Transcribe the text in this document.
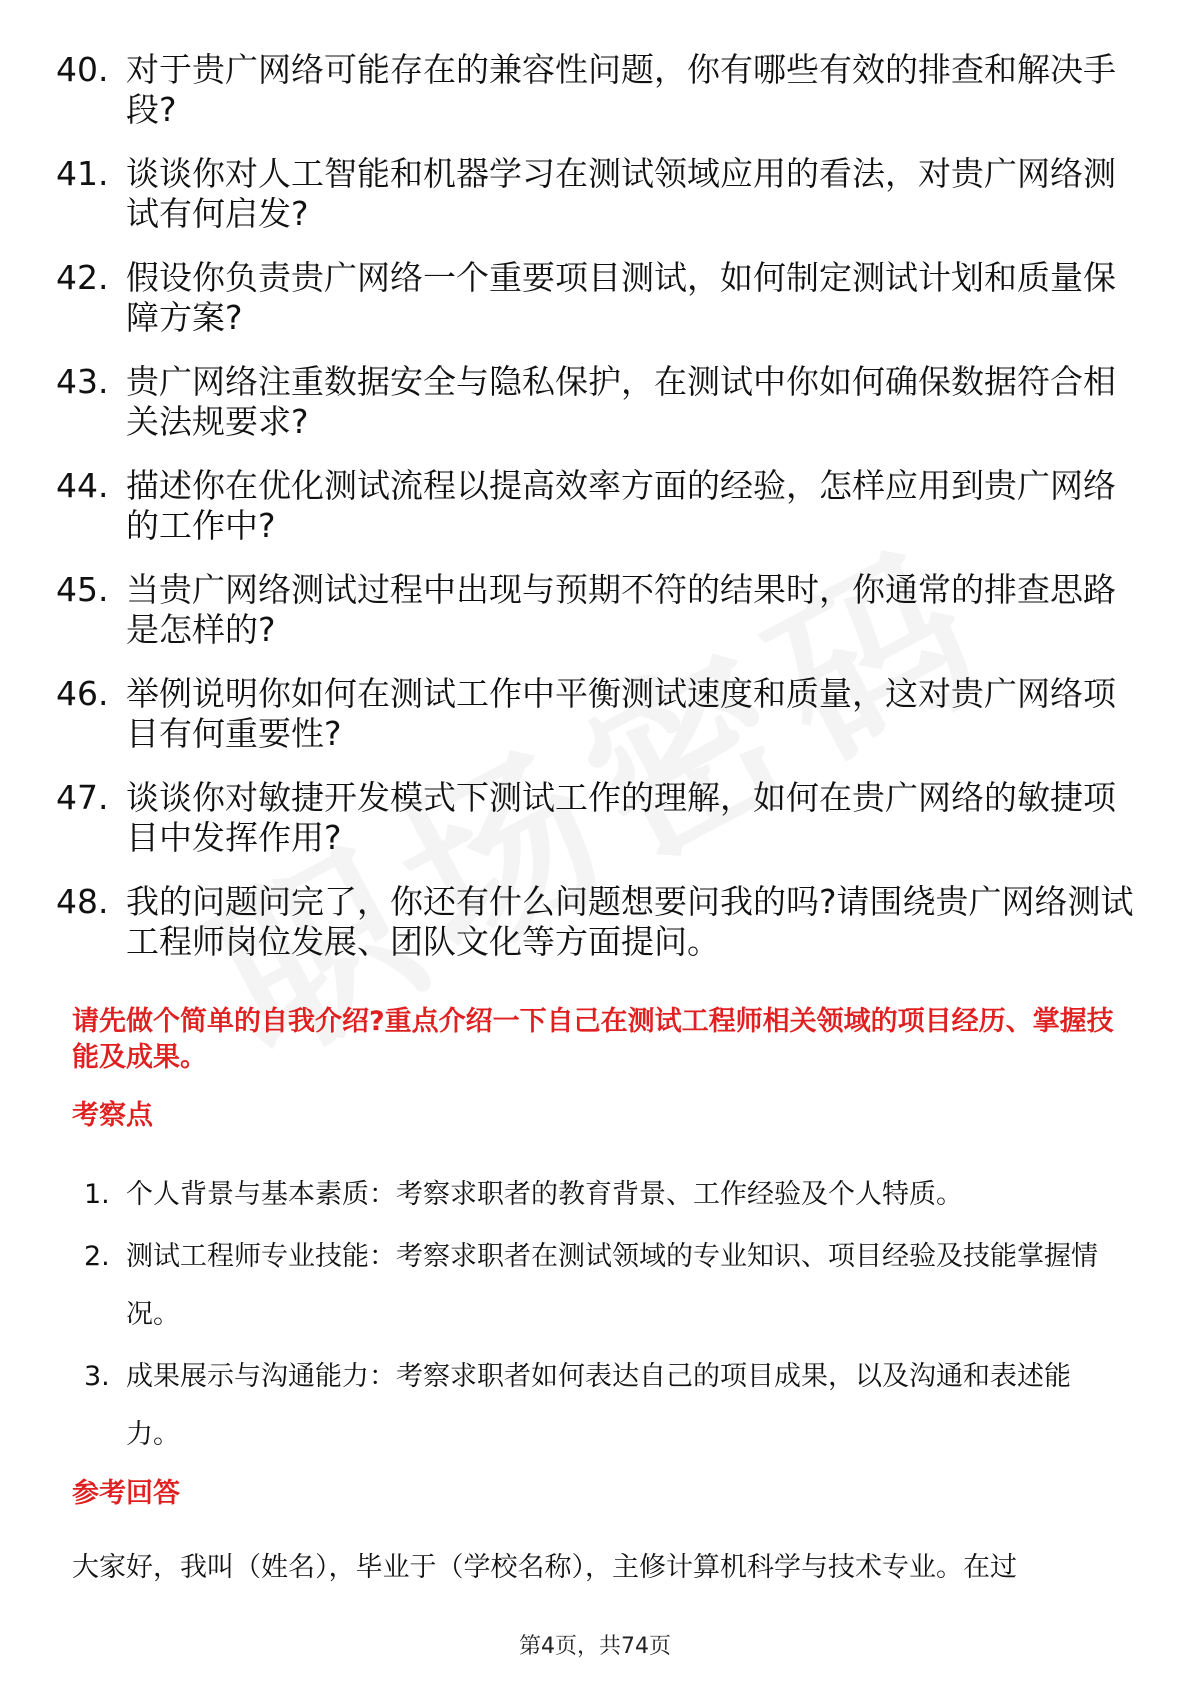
40. 对于贵广网络可能存在的兼容性问题，你有哪些有效的排查和解决手段?
41. 谈谈你对人工智能和机器学习在测试领域应用的看法，对贵广网络测试有何启发?
42. 假设你负责贵广网络一个重要项目测试，如何制定测试计划和质量保障方案?
43. 贵广网络注重数据安全与隐私保护，在测试中你如何确保数据符合相关法规要求?
44. 描述你在优化测试流程以提高效率方面的经验，怎样应用到贵广网络的工作中?
45. 当贵广网络测试过程中出现与预期不符的结果时，你通常的排查思路是怎样的?
46. 举例说明你如何在测试工作中平衡测试速度和质量，这对贵广网络项目有何重要性?
47. 谈谈你对敏捷开发模式下测试工作的理解，如何在贵广网络的敏捷项目中发挥作用?
48. 我的问题问完了，你还有什么问题想要问我的吗?请围绕贵广网络测试工程师岗位发展、团队文化等方面提问。

请先做个简单的自我介绍?重点介绍一下自己在测试工程师相关领域的项目经历、掌握技能及成果。

考察点

1. 个人背景与基本素质：考察求职者的教育背景、工作经验及个人特质。
2. 测试工程师专业技能：考察求职者在测试领域的专业知识、项目经验及技能掌握情况。
3. 成果展示与沟通能力：考察求职者如何表达自己的项目成果，以及沟通和表述能力。

参考回答

大家好，我叫（姓名），毕业于（学校名称），主修计算机科学与技术专业。在过

第4页，共74页
